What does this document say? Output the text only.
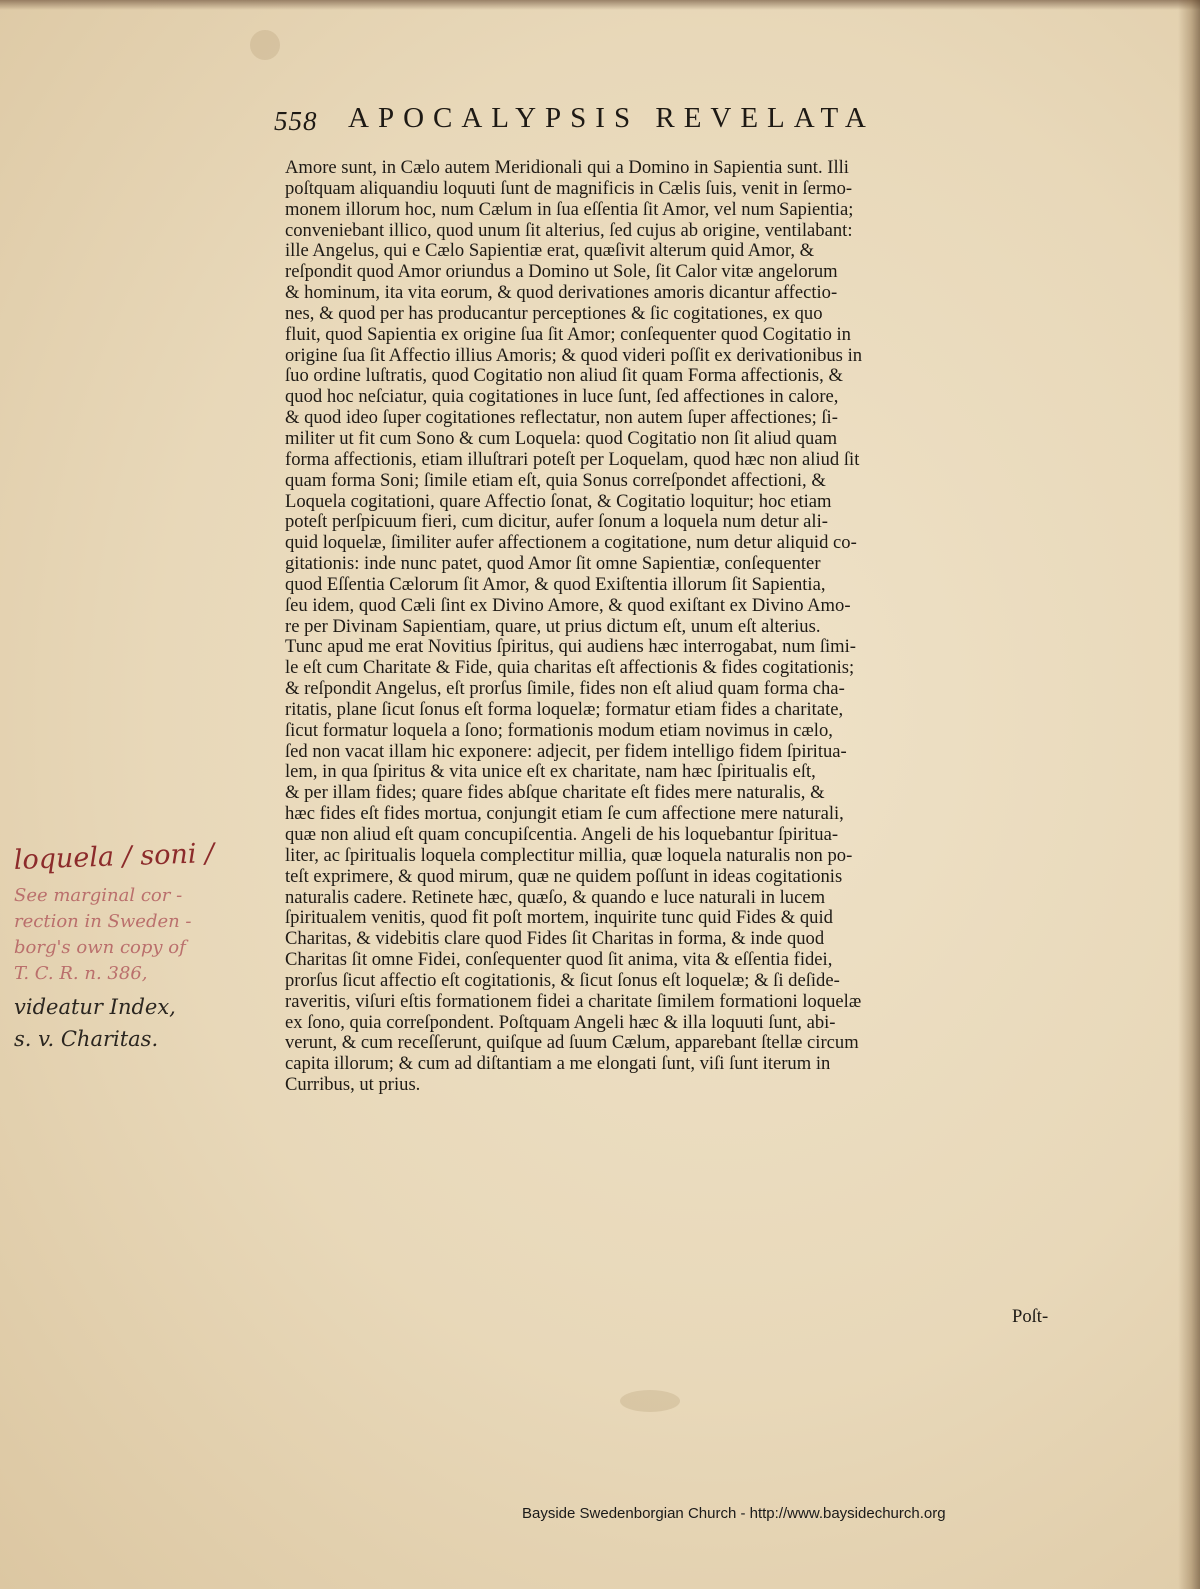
558 APOCALYPSIS REVELATA
Amore sunt, in Cælo autem Meridionali qui a Domino in Sapientia sunt. Illi
poſtquam aliquandiu loquuti ſunt de magnificis in Cælis ſuis, venit in ſermo-
monem illorum hoc, num Cælum in ſua eſſentia ſit Amor, vel num Sapientia;
conveniebant illico, quod unum ſit alterius, ſed cujus ab origine, ventilabant:
ille Angelus, qui e Cælo Sapientiæ erat, quæſivit alterum quid Amor, &
reſpondit quod Amor oriundus a Domino ut Sole, ſit Calor vitæ angelorum
& hominum, ita vita eorum, & quod derivationes amoris dicantur affectio-
nes, & quod per has producantur perceptiones & ſic cogitationes, ex quo
fluit, quod Sapientia ex origine ſua ſit Amor; conſequenter quod Cogitatio in
origine ſua ſit Affectio illius Amoris; & quod videri poſſit ex derivationibus in
ſuo ordine luſtratis, quod Cogitatio non aliud ſit quam Forma affectionis, &
quod hoc neſciatur, quia cogitationes in luce ſunt, ſed affectiones in calore,
& quod ideo ſuper cogitationes reflectatur, non autem ſuper affectiones; ſi-
militer ut fit cum Sono & cum Loquela: quod Cogitatio non ſit aliud quam
forma affectionis, etiam illuſtrari poteſt per Loquelam, quod hæc non aliud ſit
quam forma Soni; ſimile etiam eſt, quia Sonus correſpondet affectioni, &
Loquela cogitationi, quare Affectio ſonat, & Cogitatio loquitur; hoc etiam
poteſt perſpicuum fieri, cum dicitur, aufer ſonum a loquela num detur ali-
quid loquelæ, ſimiliter aufer affectionem a cogitatione, num detur aliquid co-
gitationis: inde nunc patet, quod Amor ſit omne Sapientiæ, conſequenter
quod Eſſentia Cælorum ſit Amor, & quod Exiſtentia illorum ſit Sapientia,
ſeu idem, quod Cæli ſint ex Divino Amore, & quod exiſtant ex Divino Amo-
re per Divinam Sapientiam, quare, ut prius dictum eſt, unum eſt alterius.
Tunc apud me erat Novitius ſpiritus, qui audiens hæc interrogabat, num ſimi-
le eſt cum Charitate & Fide, quia charitas eſt affectionis & fides cogitationis;
& reſpondit Angelus, eſt prorſus ſimile, fides non eſt aliud quam forma cha-
ritatis, plane ſicut ſonus eſt forma loquelæ; formatur etiam fides a charitate,
ſicut formatur loquela a ſono; formationis modum etiam novimus in cælo,
ſed non vacat illam hic exponere: adjecit, per fidem intelligo fidem ſpiritua-
lem, in qua ſpiritus & vita unice eſt ex charitate, nam hæc ſpiritualis eſt,
& per illam fides; quare fides abſque charitate eſt fides mere naturalis, &
hæc fides eſt fides mortua, conjungit etiam ſe cum affectione mere naturali,
quæ non aliud eſt quam concupiſcentia. Angeli de his loquebantur ſpiritua-
liter, ac ſpiritualis loquela complectitur millia, quæ loquela naturalis non po-
teſt exprimere, & quod mirum, quæ ne quidem poſſunt in ideas cogitationis
naturalis cadere. Retinete hæc, quæſo, & quando e luce naturali in lucem
ſpiritualem venitis, quod fit poſt mortem, inquirite tunc quid Fides & quid
Charitas, & videbitis clare quod Fides ſit Charitas in forma, & inde quod
Charitas ſit omne Fidei, conſequenter quod ſit anima, vita & eſſentia fidei,
prorſus ſicut affectio eſt cogitationis, & ſicut ſonus eſt loquelæ; & ſi deſide-
raveritis, viſuri eſtis formationem fidei a charitate ſimilem formationi loquelæ
ex ſono, quia correſpondent. Poſtquam Angeli hæc & illa loquuti ſunt, abi-
verunt, & cum receſſerunt, quiſque ad ſuum Cælum, apparebant ſtellæ circum
capita illorum; & cum ad diſtantiam a me elongati ſunt, viſi ſunt iterum in
Curribus, ut prius.
Poſt-
loquela / soni /
See marginal cor -
rection in Sweden -
borg's own copy of
T. C. R. n. 386,
videatur Index,
s. v. Charitas.
Bayside Swedenborgian Church - http://www.baysidechurch.org
